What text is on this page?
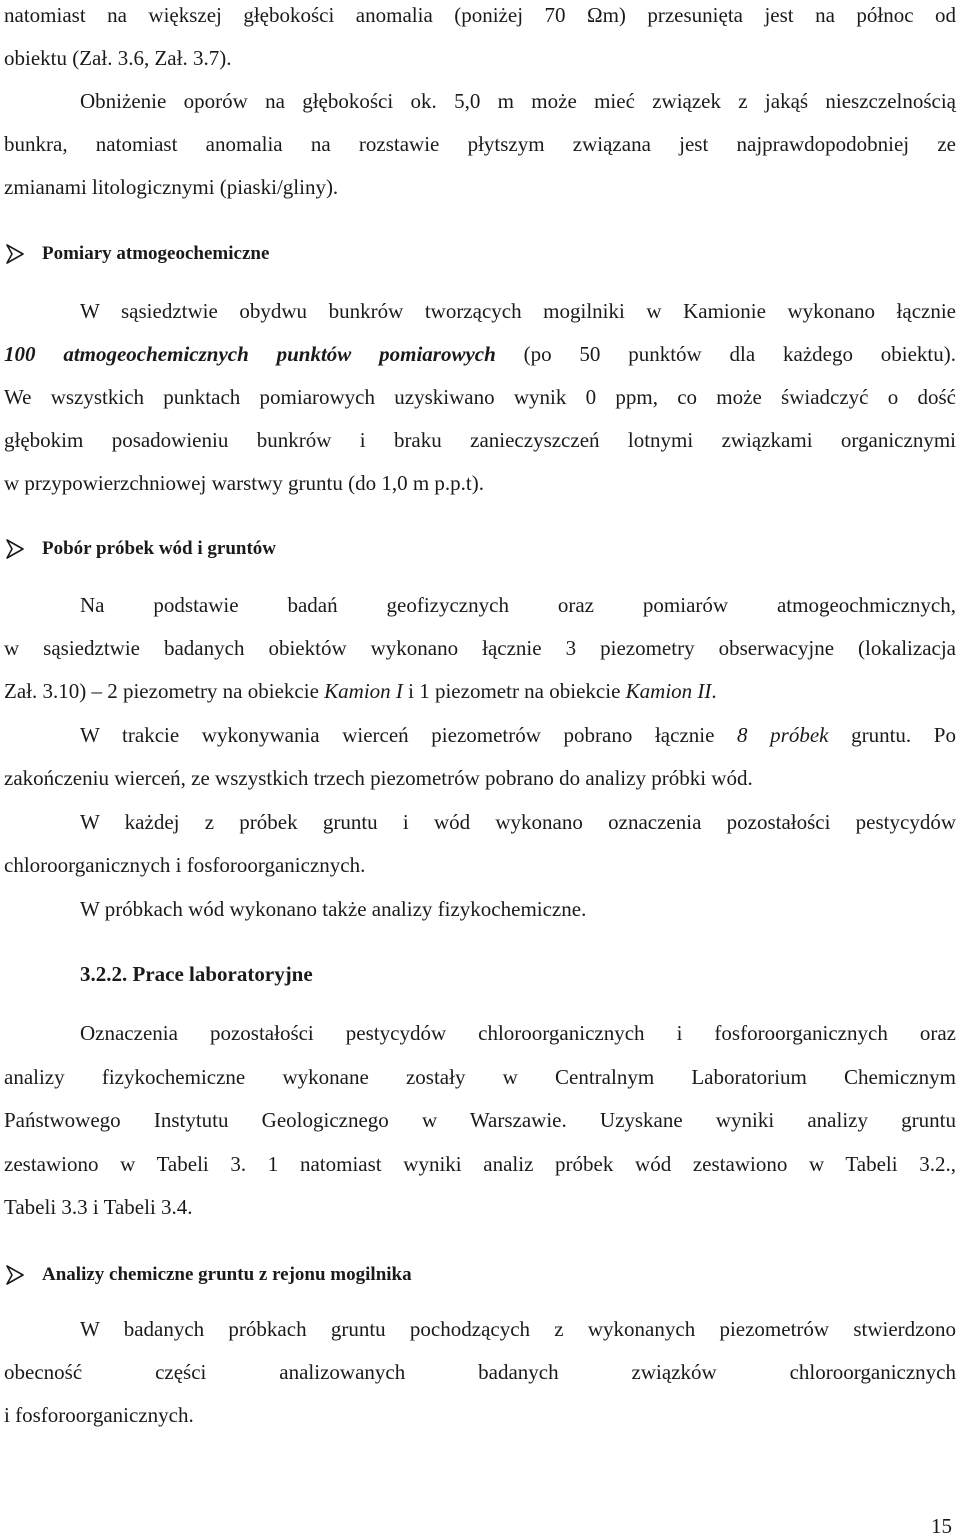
natomiast na większej głębokości anomalia (poniżej 70 Ωm) przesunięta jest na północ od

obiektu (Zał. 3.6, Zał. 3.7).

Obniżenie oporów na głębokości ok. 5,0 m może mieć związek z jakąś nieszczelnością

bunkra, natomiast anomalia na rozstawie płytszym związana jest najprawdopodobniej ze

zmianami litologicznymi (piaski/gliny).

Pomiary atmogeochemiczne

W sąsiedztwie obydwu bunkrów tworzących mogilniki w Kamionie wykonano łącznie

100 atmogeochemicznych punktów pomiarowych (po 50 punktów dla każdego obiektu).

We wszystkich punktach pomiarowych uzyskiwano wynik 0 ppm, co może świadczyć o dość

głębokim posadowieniu bunkrów i braku zanieczyszczeń lotnymi związkami organicznymi

w przypowierzchniowej warstwy gruntu (do 1,0 m p.p.t).

Pobór próbek wód i gruntów

Na podstawie badań geofizycznych oraz pomiarów atmogeochmicznych,

w sąsiedztwie badanych obiektów wykonano łącznie 3 piezometry obserwacyjne (lokalizacja

Zał. 3.10) – 2 piezometry na obiekcie Kamion I i 1 piezometr na obiekcie Kamion II.

W trakcie wykonywania wierceń piezometrów pobrano łącznie 8 próbek gruntu. Po

zakończeniu wierceń, ze wszystkich trzech piezometrów pobrano do analizy próbki wód.

W każdej z próbek gruntu i wód wykonano oznaczenia pozostałości pestycydów

chloroorganicznych i fosforoorganicznych.

W próbkach wód wykonano także analizy fizykochemiczne.

3.2.2. Prace laboratoryjne

Oznaczenia pozostałości pestycydów chloroorganicznych i fosforoorganicznych oraz

analizy fizykochemiczne wykonane zostały w Centralnym Laboratorium Chemicznym

Państwowego Instytutu Geologicznego w Warszawie. Uzyskane wyniki analizy gruntu

zestawiono w Tabeli 3. 1 natomiast wyniki analiz próbek wód zestawiono w Tabeli 3.2.,

Tabeli 3.3 i Tabeli 3.4.

Analizy chemiczne gruntu z rejonu mogilnika

W badanych próbkach gruntu pochodzących z wykonanych piezometrów stwierdzono

obecność części analizowanych badanych związków chloroorganicznych

i fosforoorganicznych.

15
